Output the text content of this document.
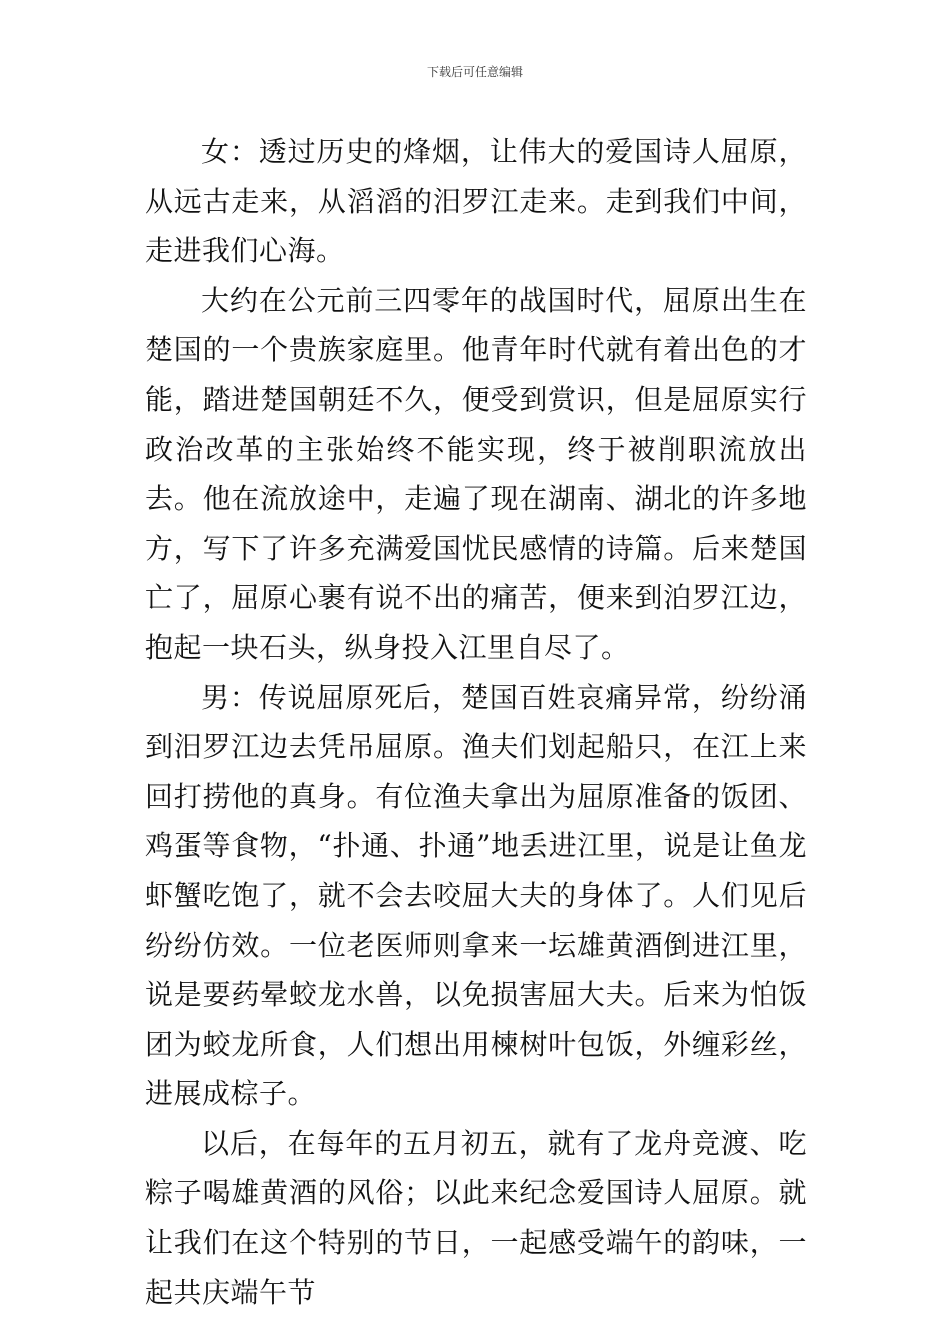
下载后可任意编辑

女：透过历史的烽烟，让伟大的爱国诗人屈原，从远古走来，从滔滔的汨罗江走来。走到我们中间，走进我们心海。

大约在公元前三四零年的战国时代，屈原出生在楚国的一个贵族家庭里。他青年时代就有着出色的才能，踏进楚国朝廷不久，便受到赏识，但是屈原实行政治改革的主张始终不能实现，终于被削职流放出去。他在流放途中，走遍了现在湖南、湖北的许多地方，写下了许多充满爱国忧民感情的诗篇。后来楚国亡了，屈原心裹有说不出的痛苦，便来到泊罗江边，抱起一块石头，纵身投入江里自尽了。

男：传说屈原死后，楚国百姓哀痛异常，纷纷涌到汨罗江边去凭吊屈原。渔夫们划起船只，在江上来回打捞他的真身。有位渔夫拿出为屈原准备的饭团、鸡蛋等食物，“扑通、扑通”地丢进江里，说是让鱼龙虾蟹吃饱了，就不会去咬屈大夫的身体了。人们见后纷纷仿效。一位老医师则拿来一坛雄黄酒倒进江里，说是要药晕蛟龙水兽，以免损害屈大夫。后来为怕饭团为蛟龙所食，人们想出用楝树叶包饭，外缠彩丝，进展成棕子。

以后，在每年的五月初五，就有了龙舟竞渡、吃粽子喝雄黄酒的风俗；以此来纪念爱国诗人屈原。就让我们在这个特别的节日，一起感受端午的韵味，一起共庆端午节
